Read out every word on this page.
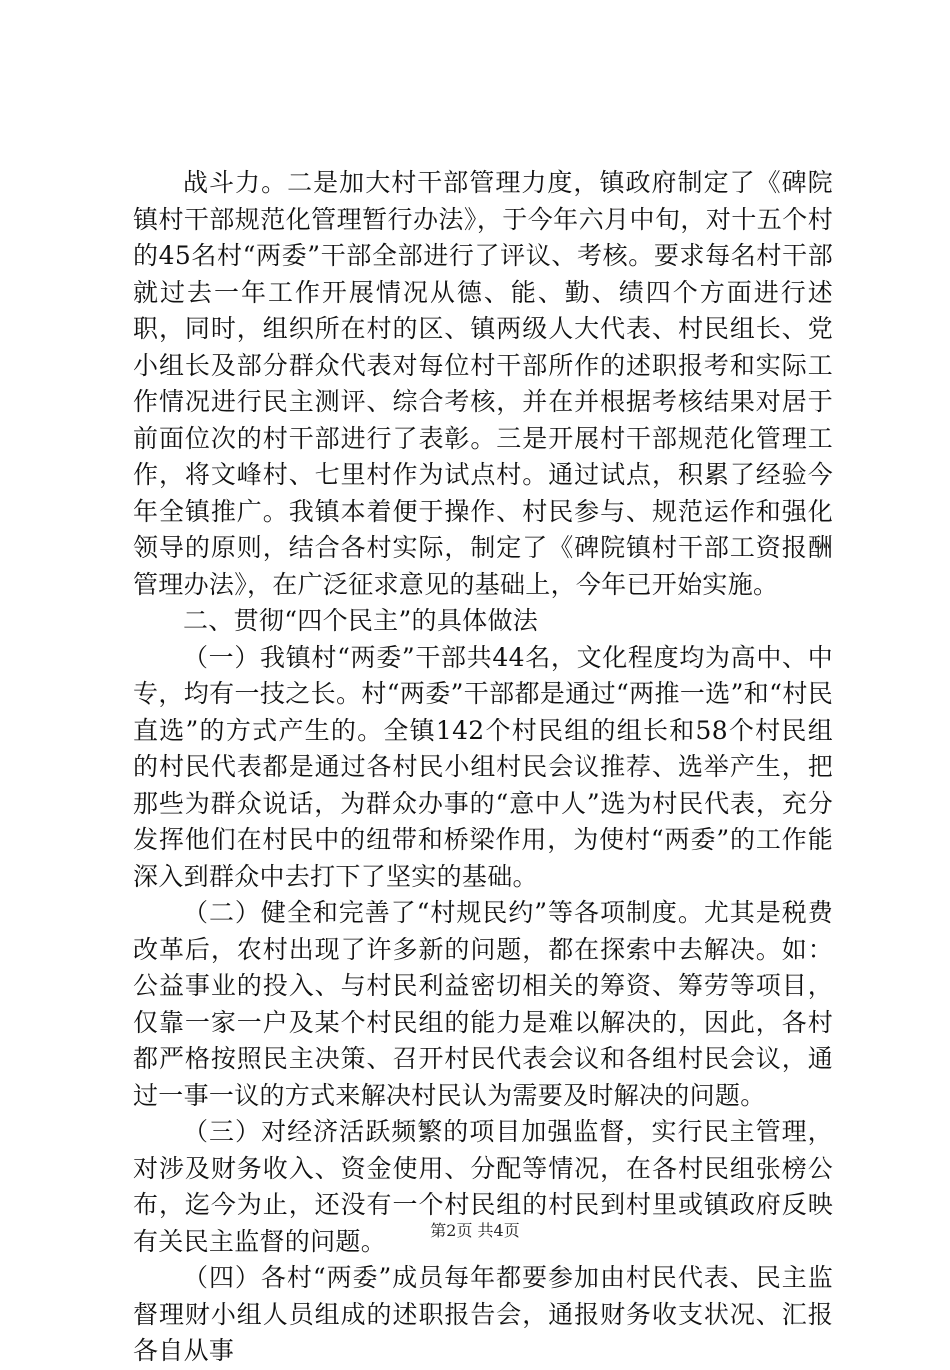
战斗力。二是加大村干部管理力度，镇政府制定了《碑院镇村干部规范化管理暂行办法》，于今年六月中旬，对十五个村的45名村“两委”干部全部进行了评议、考核。要求每名村干部就过去一年工作开展情况从德、能、勤、绩四个方面进行述职，同时，组织所在村的区、镇两级人大代表、村民组长、党小组长及部分群众代表对每位村干部所作的述职报考和实际工作情况进行民主测评、综合考核，并在并根据考核结果对居于前面位次的村干部进行了表彰。三是开展村干部规范化管理工作，将文峰村、七里村作为试点村。通过试点，积累了经验今年全镇推广。我镇本着便于操作、村民参与、规范运作和强化领导的原则，结合各村实际，制定了《碑院镇村干部工资报酬管理办法》，在广泛征求意见的基础上，今年已开始实施。

二、贯彻“四个民主”的具体做法

（一）我镇村“两委”干部共44名，文化程度均为高中、中专，均有一技之长。村“两委”干部都是通过“两推一选”和“村民直选”的方式产生的。全镇142个村民组的组长和58个村民组的村民代表都是通过各村民小组村民会议推荐、选举产生，把那些为群众说话，为群众办事的“意中人”选为村民代表，充分发挥他们在村民中的纽带和桥梁作用，为使村“两委”的工作能深入到群众中去打下了坚实的基础。

（二）健全和完善了“村规民约”等各项制度。尤其是税费改革后，农村出现了许多新的问题，都在探索中去解决。如：公益事业的投入、与村民利益密切相关的筹资、筹劳等项目，仅靠一家一户及某个村民组的能力是难以解决的，因此，各村都严格按照民主决策、召开村民代表会议和各组村民会议，通过一事一议的方式来解决村民认为需要及时解决的问题。

（三）对经济活跃频繁的项目加强监督，实行民主管理，对涉及财务收入、资金使用、分配等情况，在各村民组张榜公布，迄今为止，还没有一个村民组的村民到村里或镇政府反映有关民主监督的问题。

（四）各村“两委”成员每年都要参加由村民代表、民主监督理财小组人员组成的述职报告会，通报财务收支状况、汇报各自从事

第2页 共4页
